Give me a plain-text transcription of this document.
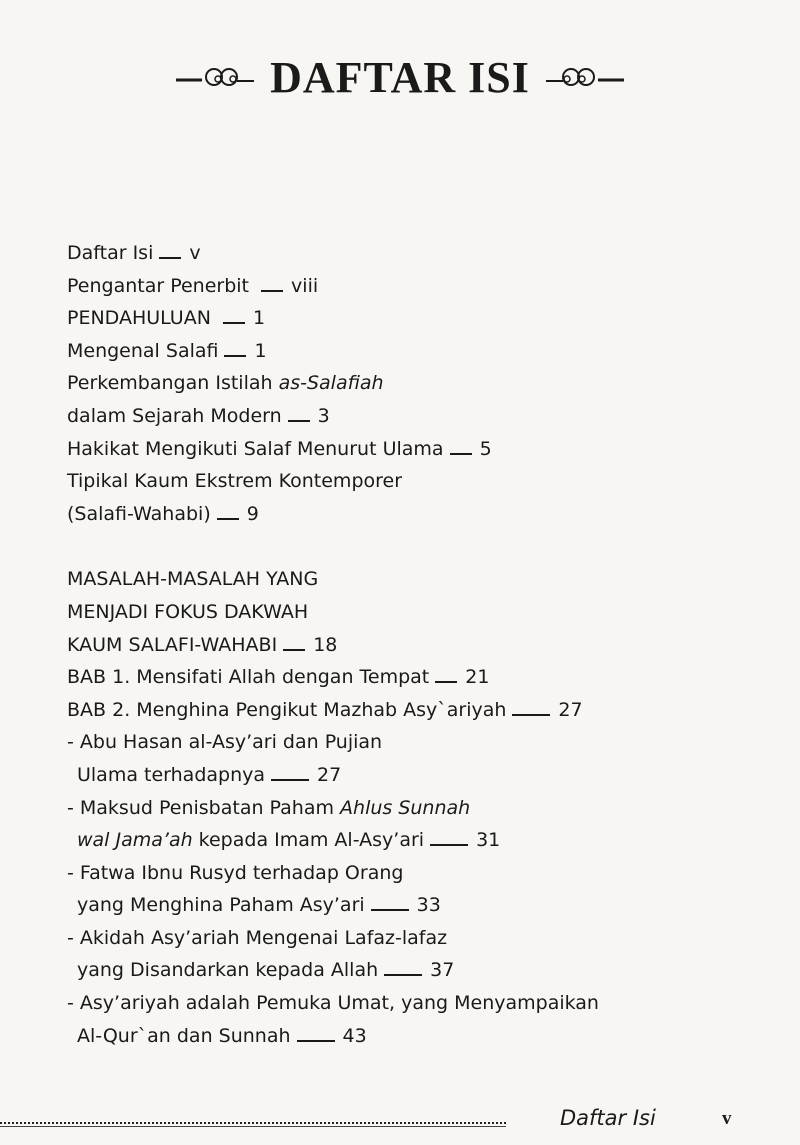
DAFTAR ISI
Daftar Isi v
Pengantar Penerbit viii
PENDAHULUAN 1
Mengenal Salafi 1
Perkembangan Istilah as-Salafiah
dalam Sejarah Modern 3
Hakikat Mengikuti Salaf Menurut Ulama 5
Tipikal Kaum Ekstrem Kontemporer
(Salafi-Wahabi) 9
MASALAH-MASALAH YANG
MENJADI FOKUS DAKWAH
KAUM SALAFI-WAHABI 18
BAB 1. Mensifati Allah dengan Tempat 21
BAB 2. Menghina Pengikut Mazhab Asy`ariyah	27
- Abu Hasan al-Asy’ari dan Pujian
Ulama terhadapnya	27
- Maksud Penisbatan Paham Ahlus Sunnah
wal Jama’ah kepada Imam Al-Asy’ari	31
- Fatwa Ibnu Rusyd terhadap Orang
yang Menghina Paham Asy’ari	33
- Akidah Asy’ariah Mengenai Lafaz-lafaz
yang Disandarkan kepada Allah	37
- Asy’ariyah adalah Pemuka Umat, yang Menyampaikan
Al-Qur`an dan Sunnah	43
Daftar Isi	v
